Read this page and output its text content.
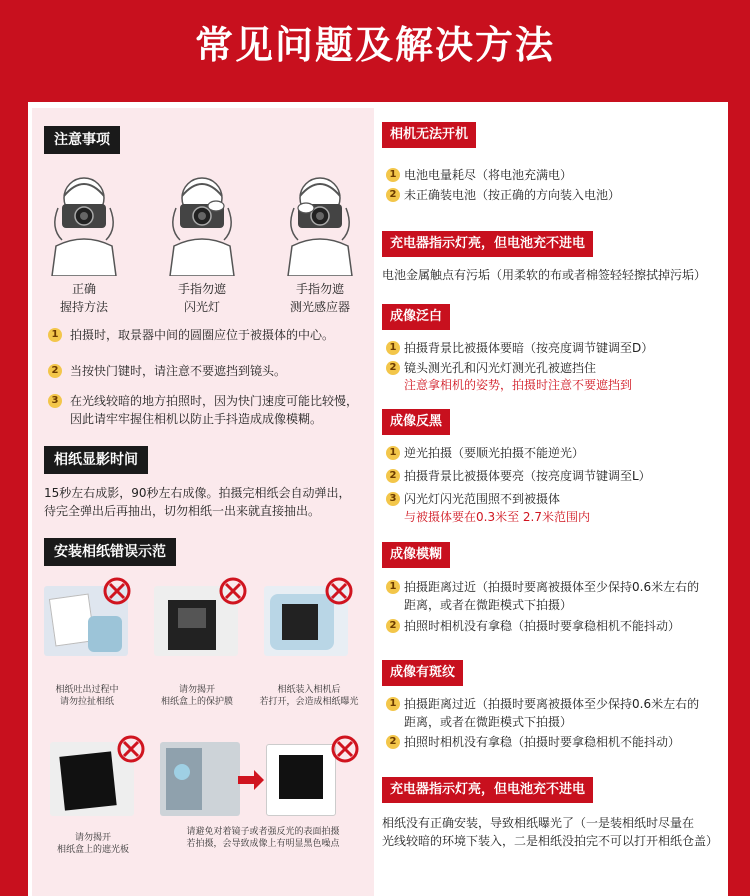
常见问题及解决方法
注意事项
正确
握持方法
手指勿遮
闪光灯
手指勿遮
测光感应器
1 拍摄时，取景器中间的圆圈应位于被摄体的中心。
2 当按快门键时，请注意不要遮挡到镜头。
3 在光线较暗的地方拍照时，因为快门速度可能比较慢，
因此请牢牢握住相机以防止手抖造成成像模糊。
相纸显影时间
15秒左右成影，90秒左右成像。拍摄完相纸会自动弹出，
待完全弹出后再抽出，切勿相纸一出来就直接抽出。
安装相纸错误示范
相纸吐出过程中
请勿拉扯相纸
请勿揭开
相纸盒上的保护膜
相纸装入相机后
若打开，会造成相纸曝光
请勿揭开
相纸盒上的遮光板
请避免对着镜子或者强反光的表面拍摄
若拍摄，会导致成像上有明显黑色噪点
相机无法开机
1 电池电量耗尽（将电池充满电）
2 未正确装电池（按正确的方向装入电池）
充电器指示灯亮，但电池充不进电
电池金属触点有污垢（用柔软的布或者棉签轻轻擦拭掉污垢）
成像泛白
1 拍摄背景比被摄体要暗（按亮度调节键调至D）
2 镜头测光孔和闪光灯测光孔被遮挡住
注意拿相机的姿势，拍摄时注意不要遮挡到
成像反黑
1 逆光拍摄（要顺光拍摄不能逆光）
2 拍摄背景比被摄体要亮（按亮度调节键调至L）
3 闪光灯闪光范围照不到被摄体
与被摄体要在0.3米至 2.7米范围内
成像模糊
1 拍摄距离过近（拍摄时要离被摄体至少保持0.6米左右的
距离，或者在微距模式下拍摄）
2 拍照时相机没有拿稳（拍摄时要拿稳相机不能抖动）
成像有斑纹
1 拍摄距离过近（拍摄时要离被摄体至少保持0.6米左右的
距离，或者在微距模式下拍摄）
2 拍照时相机没有拿稳（拍摄时要拿稳相机不能抖动）
充电器指示灯亮，但电池充不进电
相纸没有正确安装，导致相纸曝光了（一是装相纸时尽量在
光线较暗的环境下装入，二是相纸没拍完不可以打开相纸仓盖）
